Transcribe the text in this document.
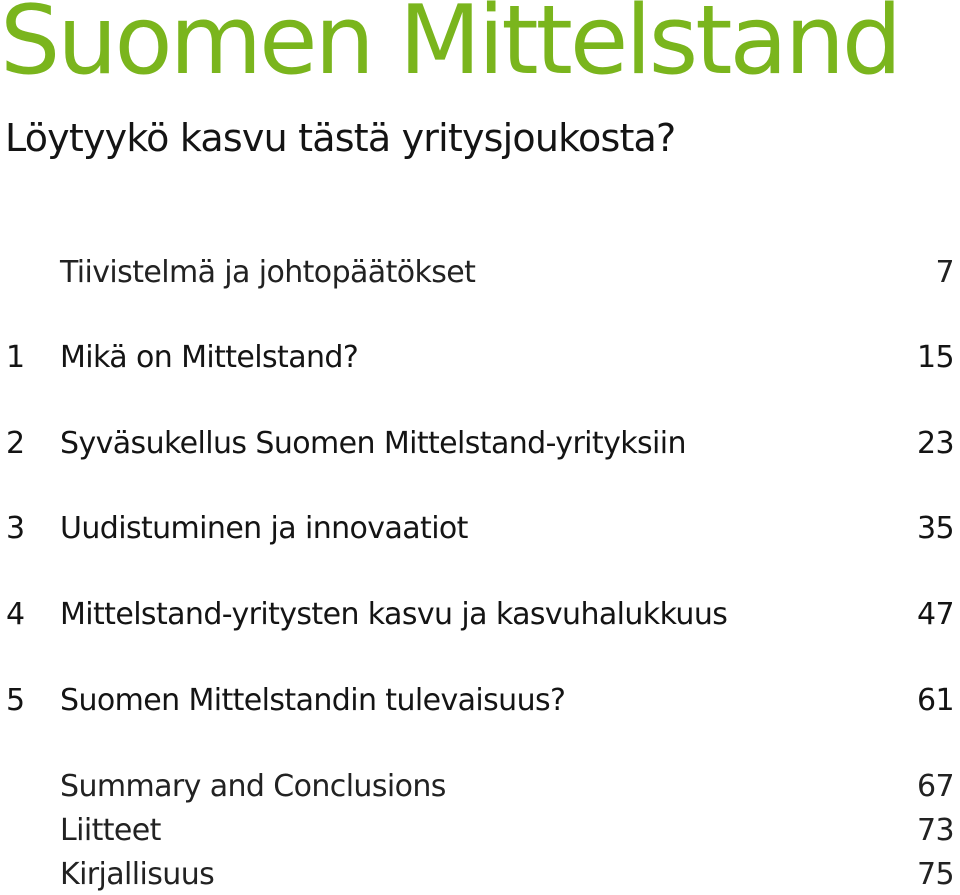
Suomen Mittelstand
Löytyykö kasvu tästä yritysjoukosta?
Tiivistelmä ja johtopäätökset	7
1 Mikä on Mittelstand?	15
2 Syväsukellus Suomen Mittelstand-yrityksiin	23
3 Uudistuminen ja innovaatiot	35
4 Mittelstand-yritysten kasvu ja kasvuhalukkuus	47
5 Suomen Mittelstandin tulevaisuus?	61
Summary and Conclusions	67
Liitteet	73
Kirjallisuus	75
